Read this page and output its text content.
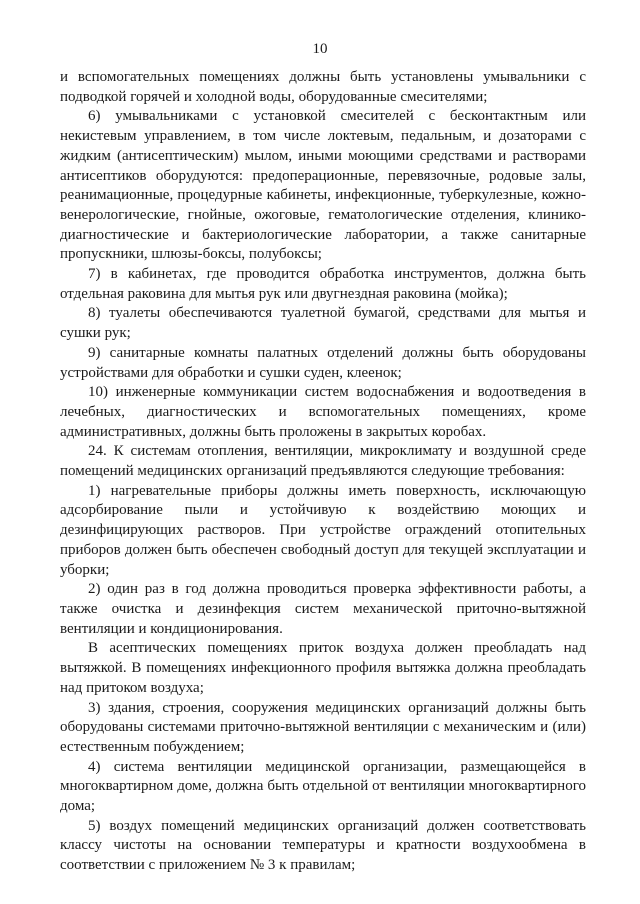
10

и вспомогательных помещениях должны быть установлены умывальники с подводкой горячей и холодной воды, оборудованные смесителями;

6) умывальниками с установкой смесителей с бесконтактным или некистевым управлением, в том числе локтевым, педальным, и дозаторами с жидким (антисептическим) мылом, иными моющими средствами и растворами антисептиков оборудуются: предоперационные, перевязочные, родовые залы, реанимационные, процедурные кабинеты, инфекционные, туберкулезные, кожно-венерологические, гнойные, ожоговые, гематологические отделения, клинико-диагностические и бактериологические лаборатории, а также санитарные пропускники, шлюзы-боксы, полубоксы;

7) в кабинетах, где проводится обработка инструментов, должна быть отдельная раковина для мытья рук или двугнездная раковина (мойка);

8) туалеты обеспечиваются туалетной бумагой, средствами для мытья и сушки рук;

9) санитарные комнаты палатных отделений должны быть оборудованы устройствами для обработки и сушки суден, клеенок;

10) инженерные коммуникации систем водоснабжения и водоотведения в лечебных, диагностических и вспомогательных помещениях, кроме административных, должны быть проложены в закрытых коробах.

24. К системам отопления, вентиляции, микроклимату и воздушной среде помещений медицинских организаций предъявляются следующие требования:

1) нагревательные приборы должны иметь поверхность, исключающую адсорбирование пыли и устойчивую к воздействию моющих и дезинфицирующих растворов. При устройстве ограждений отопительных приборов должен быть обеспечен свободный доступ для текущей эксплуатации и уборки;

2) один раз в год должна проводиться проверка эффективности работы, а также очистка и дезинфекция систем механической приточно-вытяжной вентиляции и кондиционирования.

В асептических помещениях приток воздуха должен преобладать над вытяжкой. В помещениях инфекционного профиля вытяжка должна преобладать над притоком воздуха;

3) здания, строения, сооружения медицинских организаций должны быть оборудованы системами приточно-вытяжной вентиляции с механическим и (или) естественным побуждением;

4) система вентиляции медицинской организации, размещающейся в многоквартирном доме, должна быть отдельной от вентиляции многоквартирного дома;

5) воздух помещений медицинских организаций должен соответствовать классу чистоты на основании температуры и кратности воздухообмена в соответствии с приложением № 3 к правилам;
